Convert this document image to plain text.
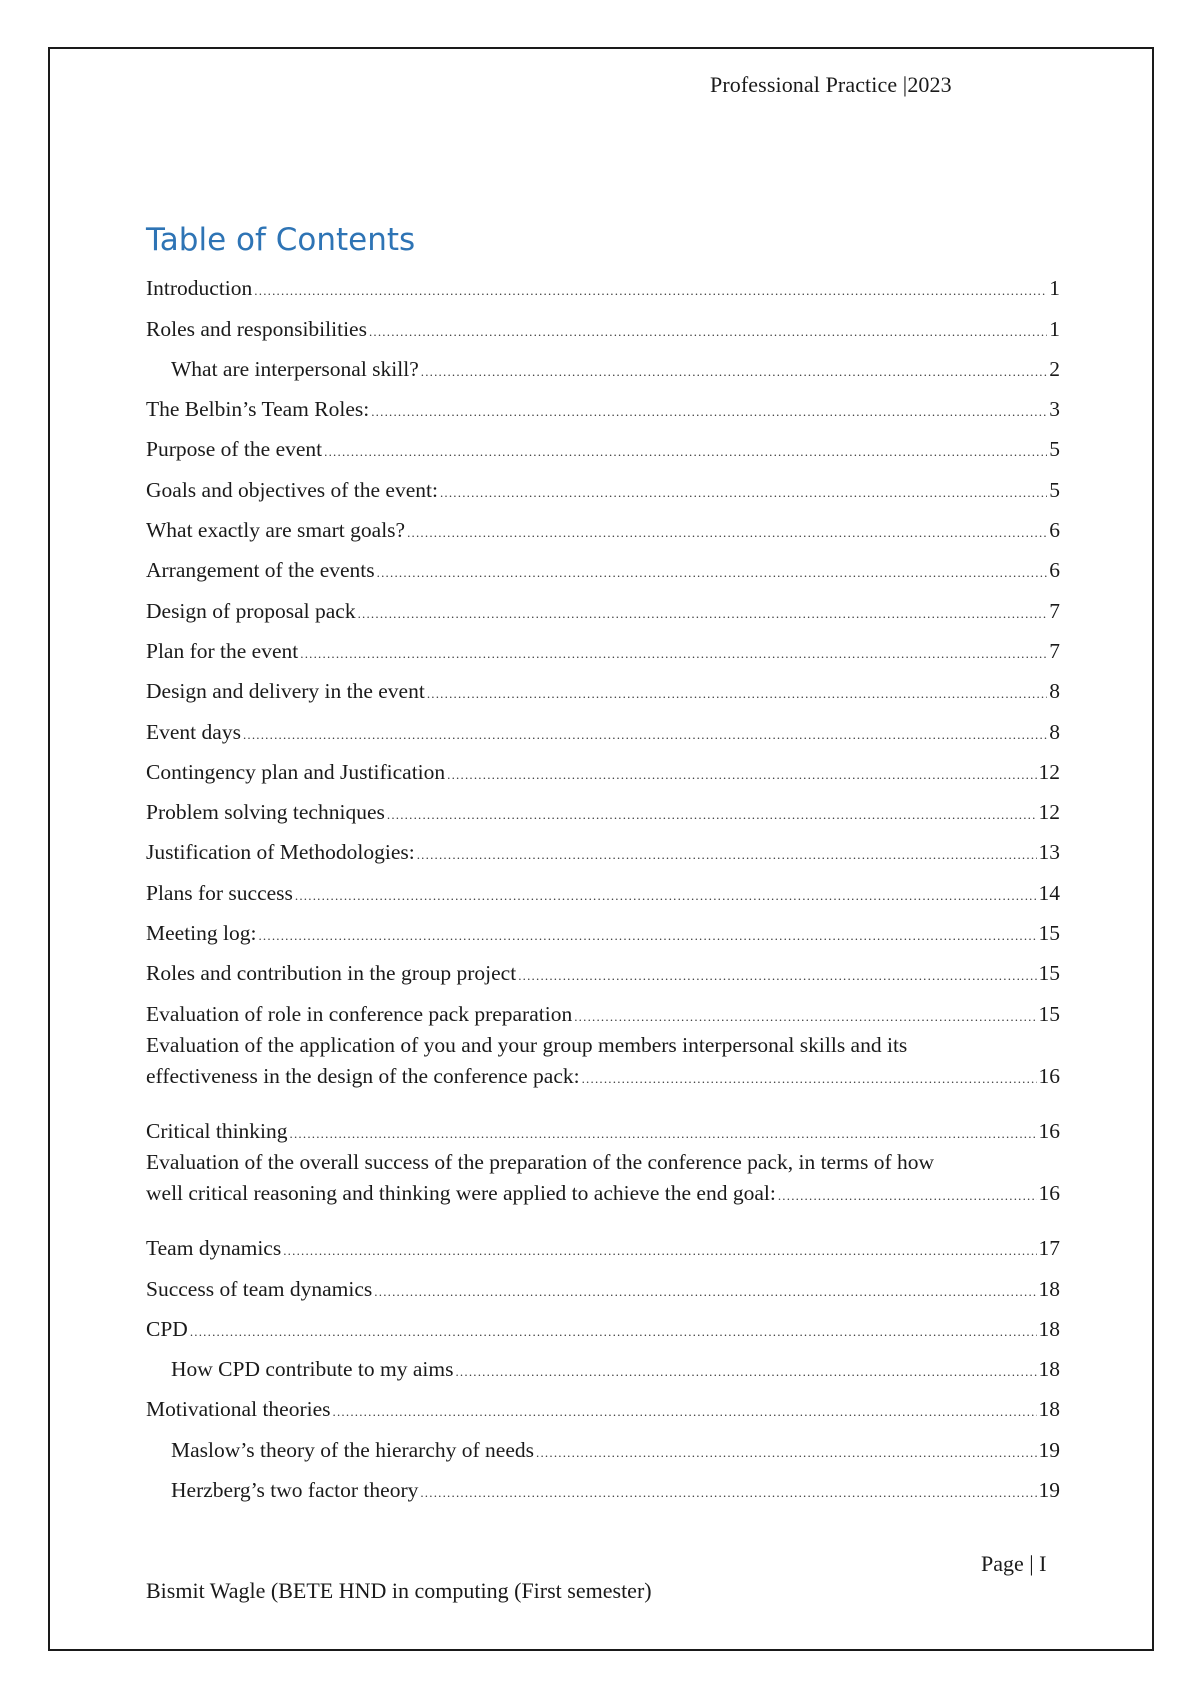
Professional Practice |2023
Table of Contents
Introduction .....	1
Roles and responsibilities .....	1
What are interpersonal skill? .....	2
The Belbin’s Team Roles: .....	3
Purpose of the event .....	5
Goals and objectives of the event: .....	5
What exactly are smart goals? .....	6
Arrangement of the events .....	6
Design of proposal pack .....	7
Plan for the event .....	7
Design and delivery in the event .....	8
Event days .....	8
Contingency plan and Justification .....	12
Problem solving techniques .....	12
Justification of Methodologies: .....	13
Plans for success .....	14
Meeting log: .....	15
Roles and contribution in the group project .....	15
Evaluation of role in conference pack preparation .....	15
Evaluation of the application of you and your group members interpersonal skills and its
effectiveness in the design of the conference pack: .....	16
Critical thinking .....	16
Evaluation of the overall success of the preparation of the conference pack, in terms of how
well critical reasoning and thinking were applied to achieve the end goal: .....	16
Team dynamics .....	17
Success of team dynamics .....	18
CPD .....	18
How CPD contribute to my aims .....	18
Motivational theories .....	18
Maslow’s theory of the hierarchy of needs .....	19
Herzberg’s two factor theory .....	19
Page | I
Bismit Wagle (BETE HND in computing (First semester)
